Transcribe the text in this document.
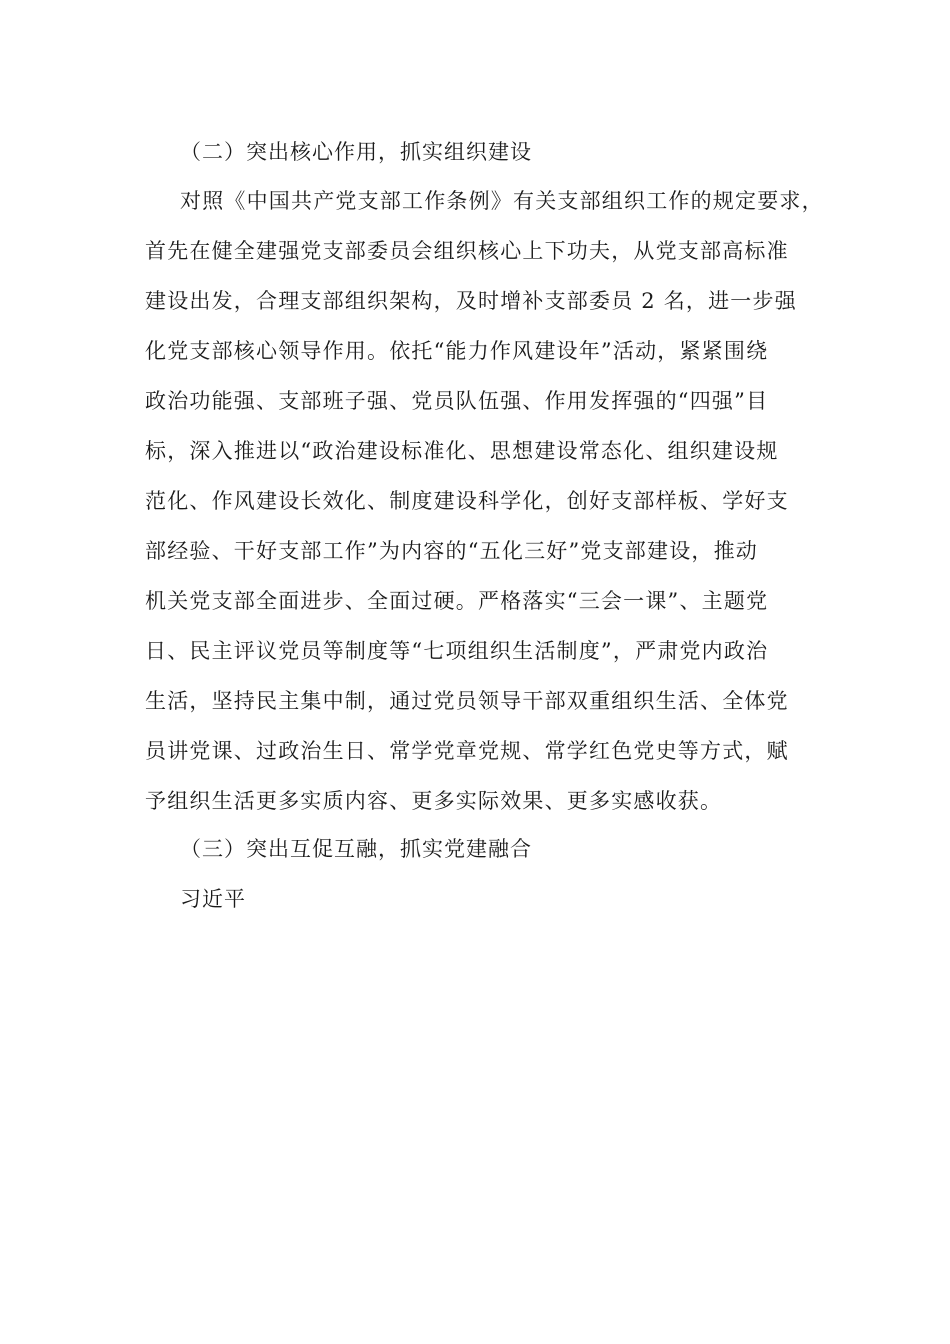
（二）突出核心作用，抓实组织建设
对照《中国共产党支部工作条例》有关支部组织工作的规定要求，
首先在健全建强党支部委员会组织核心上下功夫，从党支部高标准
建设出发，合理支部组织架构，及时增补支部委员 2 名，进一步强
化党支部核心领导作用。依托“能力作风建设年”活动，紧紧围绕
政治功能强、支部班子强、党员队伍强、作用发挥强的“四强”目
标，深入推进以“政治建设标准化、思想建设常态化、组织建设规
范化、作风建设长效化、制度建设科学化，创好支部样板、学好支
部经验、干好支部工作”为内容的“五化三好”党支部建设，推动
机关党支部全面进步、全面过硬。严格落实“三会一课”、主题党
日、民主评议党员等制度等“七项组织生活制度”，严肃党内政治
生活，坚持民主集中制，通过党员领导干部双重组织生活、全体党
员讲党课、过政治生日、常学党章党规、常学红色党史等方式，赋
予组织生活更多实质内容、更多实际效果、更多实感收获。
（三）突出互促互融，抓实党建融合
习近平
